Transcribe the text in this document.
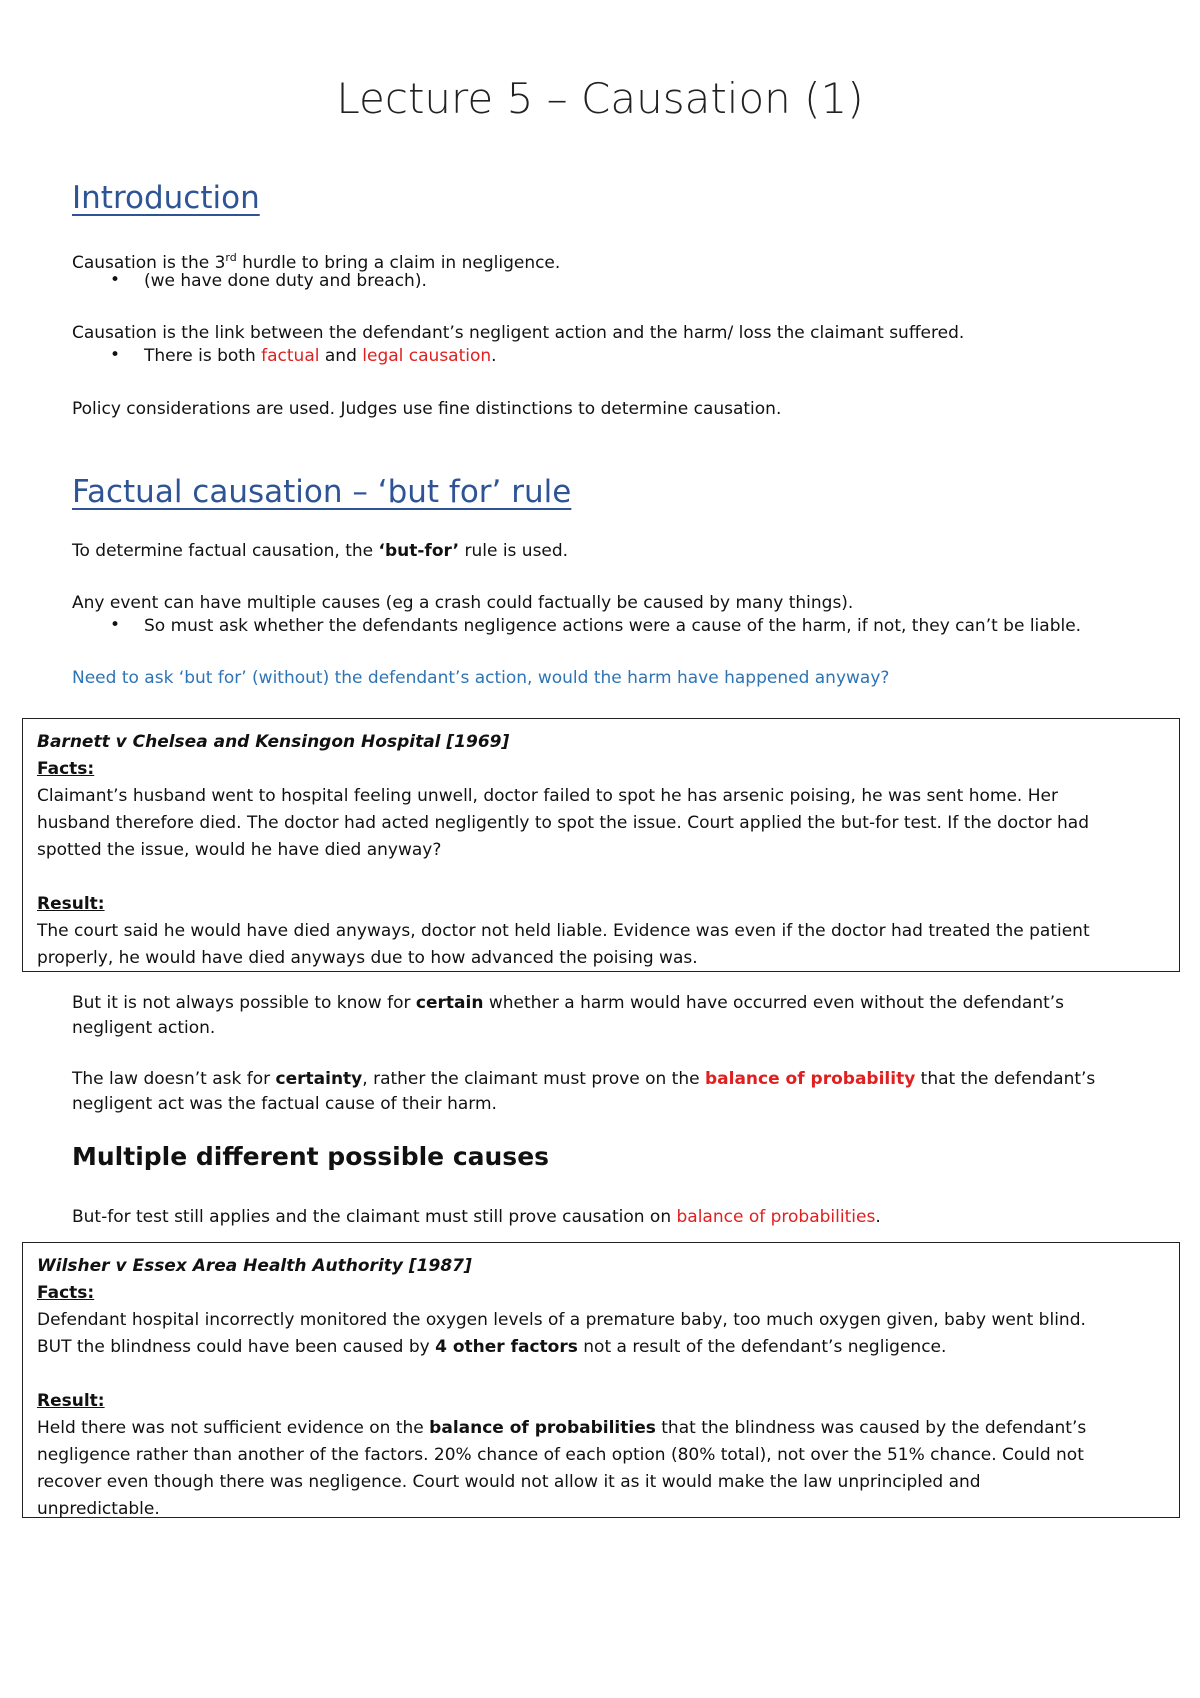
Lecture 5 – Causation (1)
Introduction
Causation is the 3rd hurdle to bring a claim in negligence.
• (we have done duty and breach).
Causation is the link between the defendant’s negligent action and the harm/ loss the claimant suffered.
• There is both factual and legal causation.
Policy considerations are used. Judges use fine distinctions to determine causation.
Factual causation – ‘but for’ rule
To determine factual causation, the ‘but-for’ rule is used.
Any event can have multiple causes (eg a crash could factually be caused by many things).
• So must ask whether the defendants negligence actions were a cause of the harm, if not, they can’t be liable.
Need to ask ‘but for’ (without) the defendant’s action, would the harm have happened anyway?
Barnett v Chelsea and Kensingon Hospital [1969]
Facts:
Claimant’s husband went to hospital feeling unwell, doctor failed to spot he has arsenic poising, he was sent home. Her
husband therefore died. The doctor had acted negligently to spot the issue. Court applied the but-for test. If the doctor had
spotted the issue, would he have died anyway?
Result:
The court said he would have died anyways, doctor not held liable. Evidence was even if the doctor had treated the patient
properly, he would have died anyways due to how advanced the poising was.
But it is not always possible to know for certain whether a harm would have occurred even without the defendant’s
negligent action.
The law doesn’t ask for certainty, rather the claimant must prove on the balance of probability that the defendant’s
negligent act was the factual cause of their harm.
Multiple different possible causes
But-for test still applies and the claimant must still prove causation on balance of probabilities.
Wilsher v Essex Area Health Authority [1987]
Facts:
Defendant hospital incorrectly monitored the oxygen levels of a premature baby, too much oxygen given, baby went blind.
BUT the blindness could have been caused by 4 other factors not a result of the defendant’s negligence.
Result:
Held there was not sufficient evidence on the balance of probabilities that the blindness was caused by the defendant’s
negligence rather than another of the factors. 20% chance of each option (80% total), not over the 51% chance. Could not
recover even though there was negligence. Court would not allow it as it would make the law unprincipled and
unpredictable.
